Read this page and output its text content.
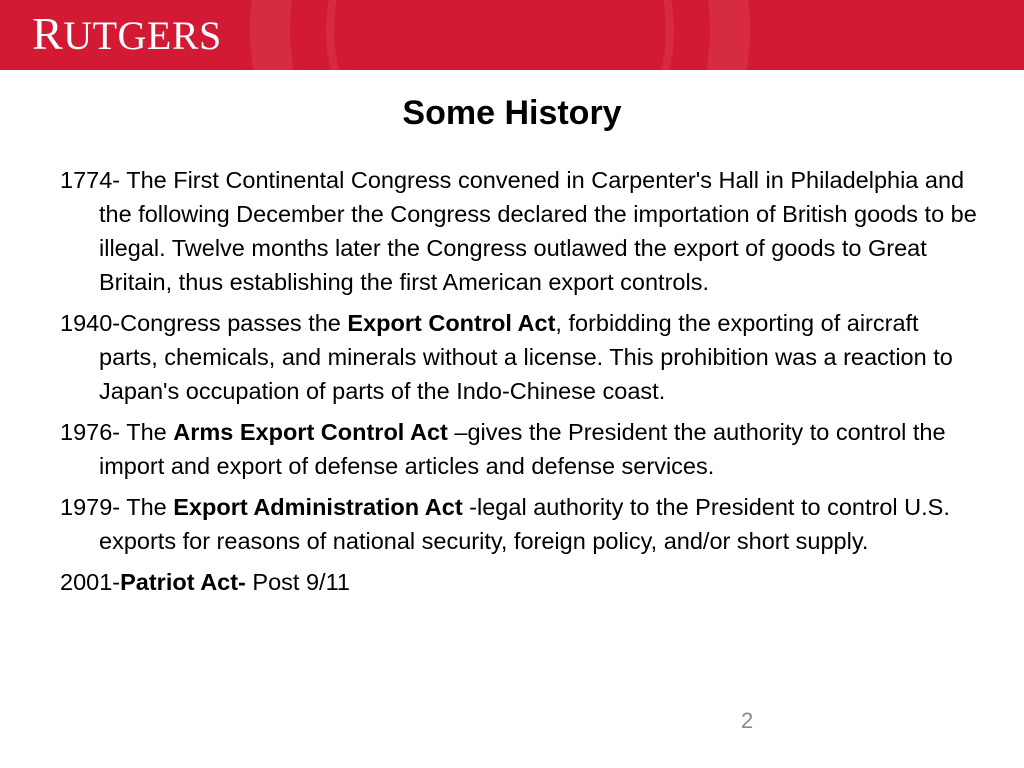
RUTGERS
Some History

1774- The First Continental Congress convened in Carpenter's Hall in Philadelphia and the following December the Congress declared the importation of British goods to be illegal. Twelve months later the Congress outlawed the export of goods to Great Britain, thus establishing the first American export controls.

1940-Congress passes the Export Control Act, forbidding the exporting of aircraft parts, chemicals, and minerals without a license. This prohibition was a reaction to Japan's occupation of parts of the Indo-Chinese coast.

1976- The Arms Export Control Act –gives the President the authority to control the import and export of defense articles and defense services.

1979- The Export Administration Act -legal authority to the President to control U.S. exports for reasons of national security, foreign policy, and/or short supply.

2001-Patriot Act- Post 9/11

2
